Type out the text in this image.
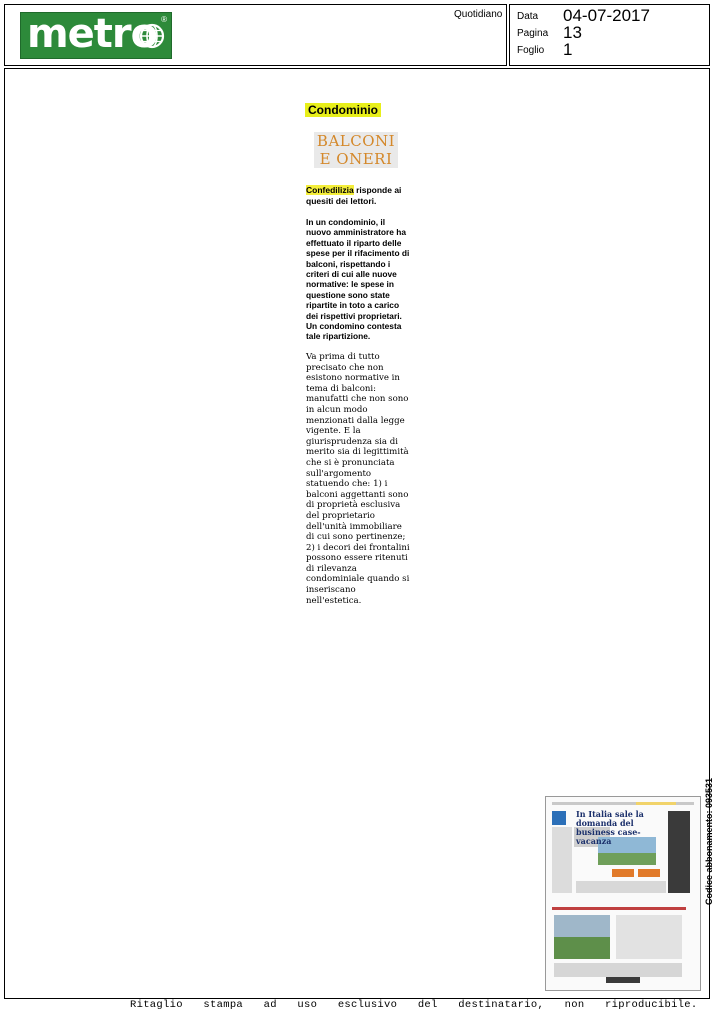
metro ®	Quotidiano Data 04-07-2017
Pagina 13
Foglio 1
Condominio
BALCONI
E ONERI
Confedilizia risponde ai quesiti dei lettori.
In un condominio, il nuovo amministratore ha effettuato il riparto delle spese per il rifacimento di balconi, rispettando i criteri di cui alle nuove normative: le spese in questione sono state ripartite in toto a carico dei rispettivi proprietari. Un condomino contesta tale ripartizione.
Va prima di tutto precisato che non esistono normative in tema di balconi: manufatti che non sono in alcun modo menzionati dalla legge vigente. E la giurisprudenza sia di merito sia di legittimità che si è pronunciata sull'argomento statuendo che: 1) i balconi aggettanti sono di proprietà esclusiva del proprietario dell'unità immobiliare di cui sono pertinenze; 2) i decori dei frontalini possono essere ritenuti di rilevanza condominiale quando si inseriscano nell'estetica.
In Italia sale la domanda del business case-vacanza	Codice abbonamento: 093531
Ritaglio stampa ad uso esclusivo del destinatario, non riproducibile.
